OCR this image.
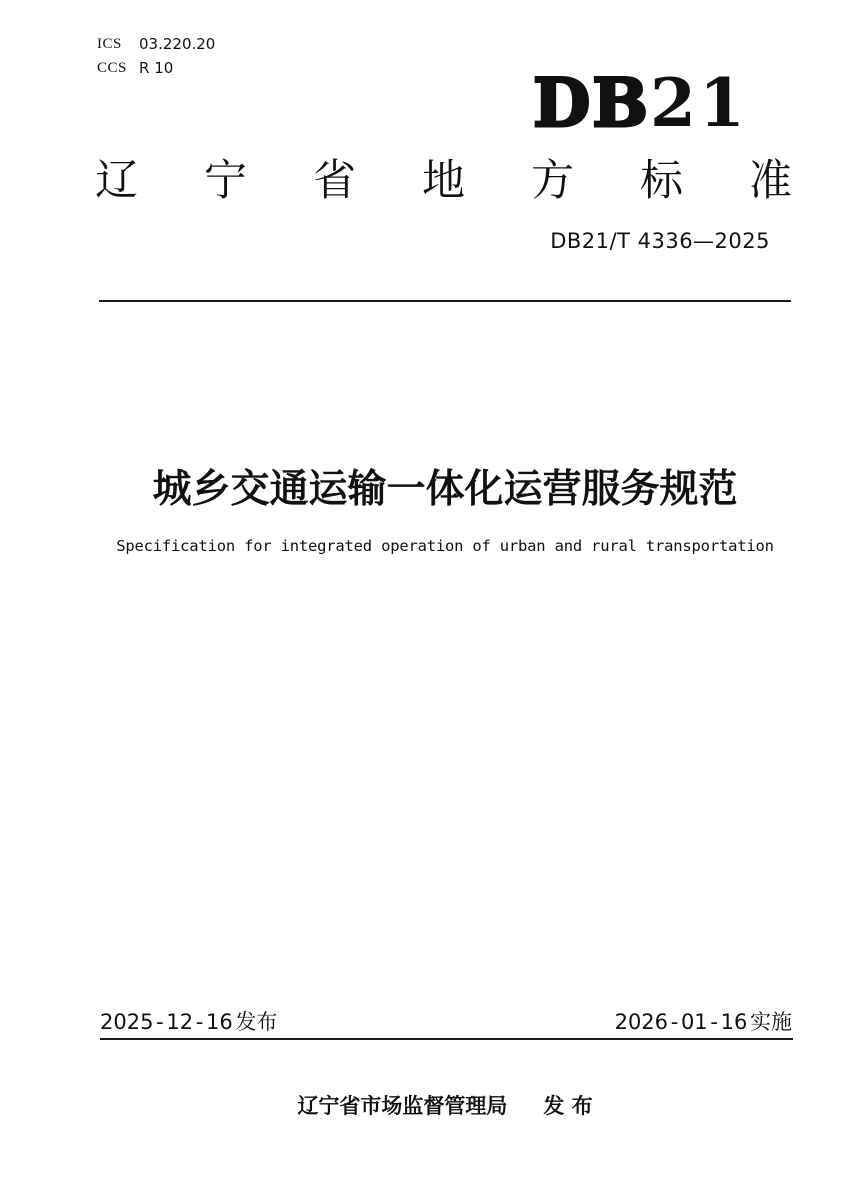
ICS	03.220.20
CCS R 10	DB21
辽 宁 省 地 方 标 准
DB21/T 4336—2025
城乡交通运输一体化运营服务规范
Specification for integrated operation of urban and rural transportation
2025 - 12 - 16 发布	2026 - 01 - 16 实施
辽宁省市场监督管理局 发 布
